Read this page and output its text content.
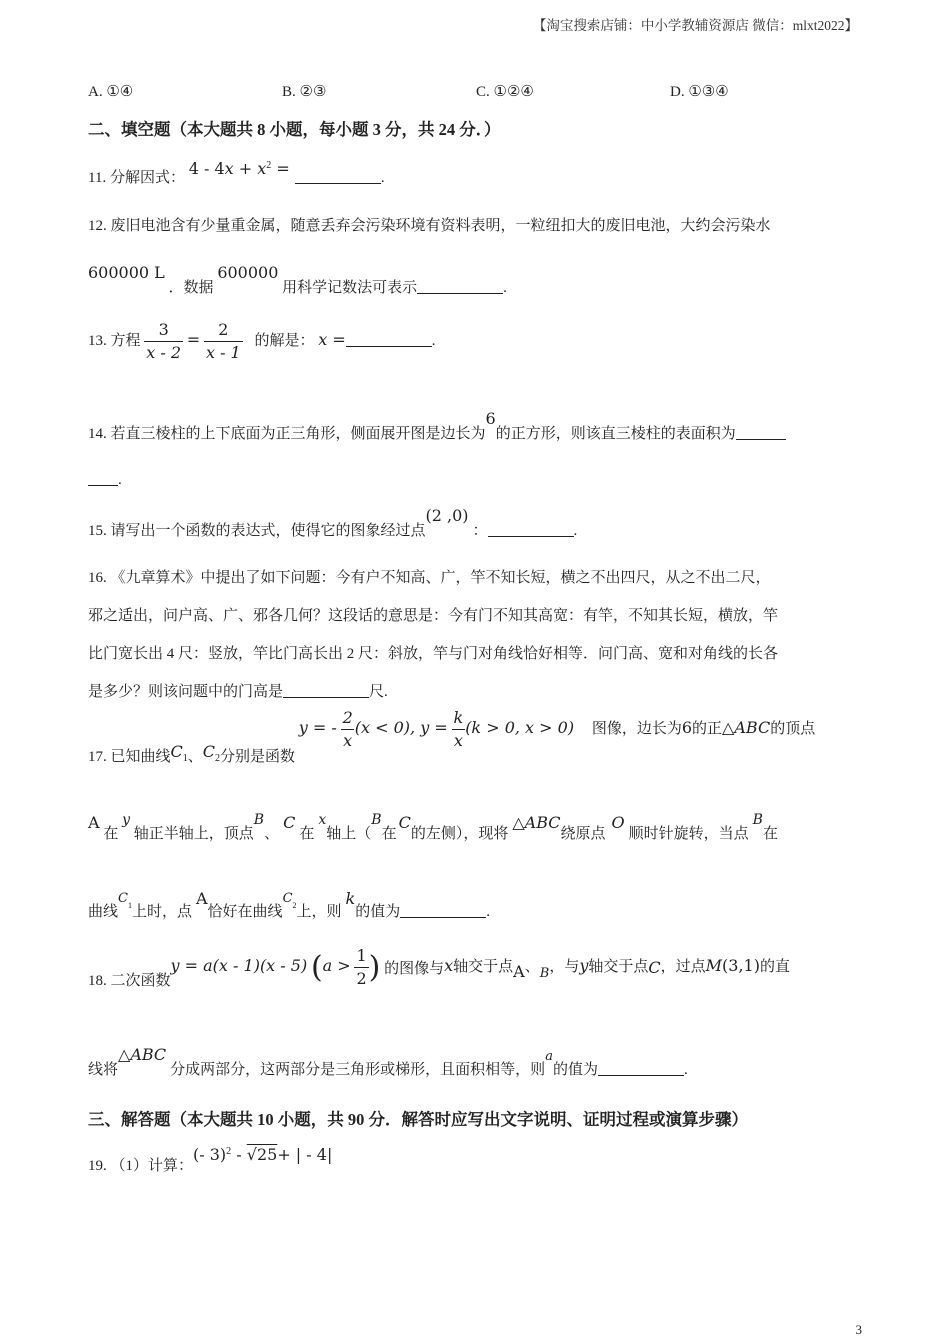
【淘宝搜索店铺：中小学教辅资源店 微信：mlxt2022】
A. ①④	B. ②③	C. ①②④	D. ①③④
二、填空题（本大题共 8 小题，每小题 3 分，共 24 分．）
11. 分解因式： $4 - 4x + x^2$ =	.
12. 废旧电池含有少量重金属，随意丢弃会污染环境有资料表明，一粒纽扣大的废旧电池，大约会污染水
600000 L ．数据 600000 用科学记数法可表示	.
13. 方程 $\frac{3}{x - 2} = \frac{2}{x - 1}$ 的解是： x =	.
14. 若直三棱柱的上下底面为正三角形，侧面展开图是边长为6的正方形，则该直三棱柱的表面积为
.
15. 请写出一个函数的表达式，使得它的图象经过点(2 ,0)：	.
16. 《九章算术》中提出了如下问题：今有户不知高、广，竿不知长短，横之不出四尺，从之不出二尺，
邪之适出，问户高、广、邪各几何？这段话的意思是：今有门不知其高宽：有竿，不知其长短，横放，竿
比门宽长出 4 尺：竖放，竿比门高长出 2 尺：斜放，竿与门对角线恰好相等．问门高、宽和对角线的长各
是多少？则该问题中的门高是	尺.
17. 已知曲线$C_1$、$C_2$分别是函数 y = - $\frac{2}{x} (x < 0)$, $y = \frac{k}{x} (k > 0$, x > 0) 图像，边长为6的正△ABC的顶点
A 在 y 轴正半轴上，顶点B、C在x轴上（B在C的左侧），现将△ABC绕原点O顺时针旋转，当点B在
曲线$C_1$上时，点A恰好在曲线$C_2$上，则k的值为	.
18. 二次函数y = a(x - 1)(x - 5) ($a > \frac{1}{2}$ ) 的图像与x轴交于点A、B，与y轴交于点C，过点M(3,1)的直
线将△ABC分成两部分，这两部分是三角形或梯形，且面积相等，则a的值为	.
三、解答题（本大题共 10 小题，共 90 分．解答时应写出文字说明、证明过程或演算步骤）
19. （1）计算：(- 3)$^2$ - √25+ | - 4|
3
